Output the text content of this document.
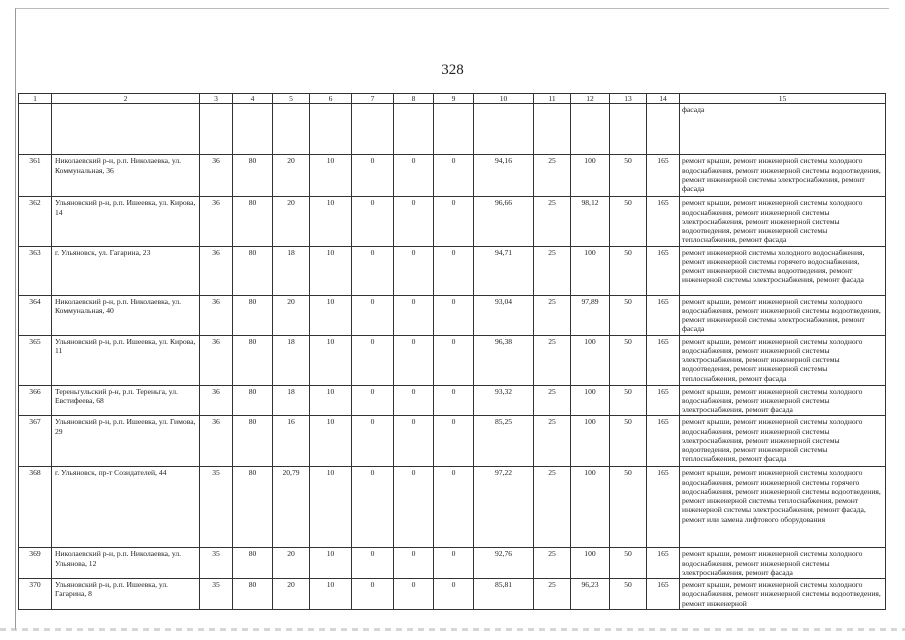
328
1	2	3	4	5	6	7	8	9	10	11	12	13	14	15
														фасада
361	Николаевский р-н, р.п. Николаевка, ул. Коммунальная, 36	36	80	20	10	0	0	0	94,16	25	100	50	165	ремонт крыши, ремонт инженерной системы холодного водоснабжения, ремонт инженерной системы водоотведения, ремонт инженерной системы электроснабжения, ремонт фасада
362	Ульяновский р-н, р.п. Ишеевка, ул. Кирова, 14	36	80	20	10	0	0	0	96,66	25	98,12	50	165	ремонт крыши, ремонт инженерной системы холодного водоснабжения, ремонт инженерной системы электроснабжения, ремонт инженерной системы водоотведения, ремонт инженерной системы теплоснабжения, ремонт фасада
363	г. Ульяновск, ул. Гагарина, 23	36	80	18	10	0	0	0	94,71	25	100	50	165	ремонт инженерной системы холодного водоснабжения, ремонт инженерной системы горячего водоснабжения, ремонт инженерной системы водоотведения, ремонт инженерной системы электроснабжения, ремонт фасада
364	Николаевский р-н, р.п. Николаевка, ул. Коммунальная, 40	36	80	20	10	0	0	0	93,04	25	97,89	50	165	ремонт крыши, ремонт инженерной системы холодного водоснабжения, ремонт инженерной системы водоотведения, ремонт инженерной системы электроснабжения, ремонт фасада
365	Ульяновский р-н, р.п. Ишеевка, ул. Кирова, 11	36	80	18	10	0	0	0	96,38	25	100	50	165	ремонт крыши, ремонт инженерной системы холодного водоснабжения, ремонт инженерной системы электроснабжения, ремонт инженерной системы водоотведения, ремонт инженерной системы теплоснабжения, ремонт фасада
366	Тереньгульский р-н, р.п. Тереньга, ул. Евстифеева, 68	36	80	18	10	0	0	0	93,32	25	100	50	165	ремонт крыши, ремонт инженерной системы холодного водоснабжения, ремонт инженерной системы электроснабжения, ремонт фасада
367	Ульяновский р-н, р.п. Ишеевка, ул. Гимова, 29	36	80	16	10	0	0	0	85,25	25	100	50	165	ремонт крыши, ремонт инженерной системы холодного водоснабжения, ремонт инженерной системы электроснабжения, ремонт инженерной системы водоотведения, ремонт инженерной системы теплоснабжения, ремонт фасада
368	г. Ульяновск, пр-т Созидателей, 44	35	80	20,79	10	0	0	0	97,22	25	100	50	165	ремонт крыши, ремонт инженерной системы холодного водоснабжения, ремонт инженерной системы горячего водоснабжения, ремонт инженерной системы водоотведения, ремонт инженерной системы теплоснабжения, ремонт инженерной системы электроснабжения, ремонт фасада, ремонт или замена лифтового оборудования
369	Николаевский р-н, р.п. Николаевка, ул. Ульянова, 12	35	80	20	10	0	0	0	92,76	25	100	50	165	ремонт крыши, ремонт инженерной системы холодного водоснабжения, ремонт инженерной системы электроснабжения, ремонт фасада
370	Ульяновский р-н, р.п. Ишеевка, ул. Гагарина, 8	35	80	20	10	0	0	0	85,81	25	96,23	50	165	ремонт крыши, ремонт инженерной системы холодного водоснабжения, ремонт инженерной системы водоотведения, ремонт инженерной
